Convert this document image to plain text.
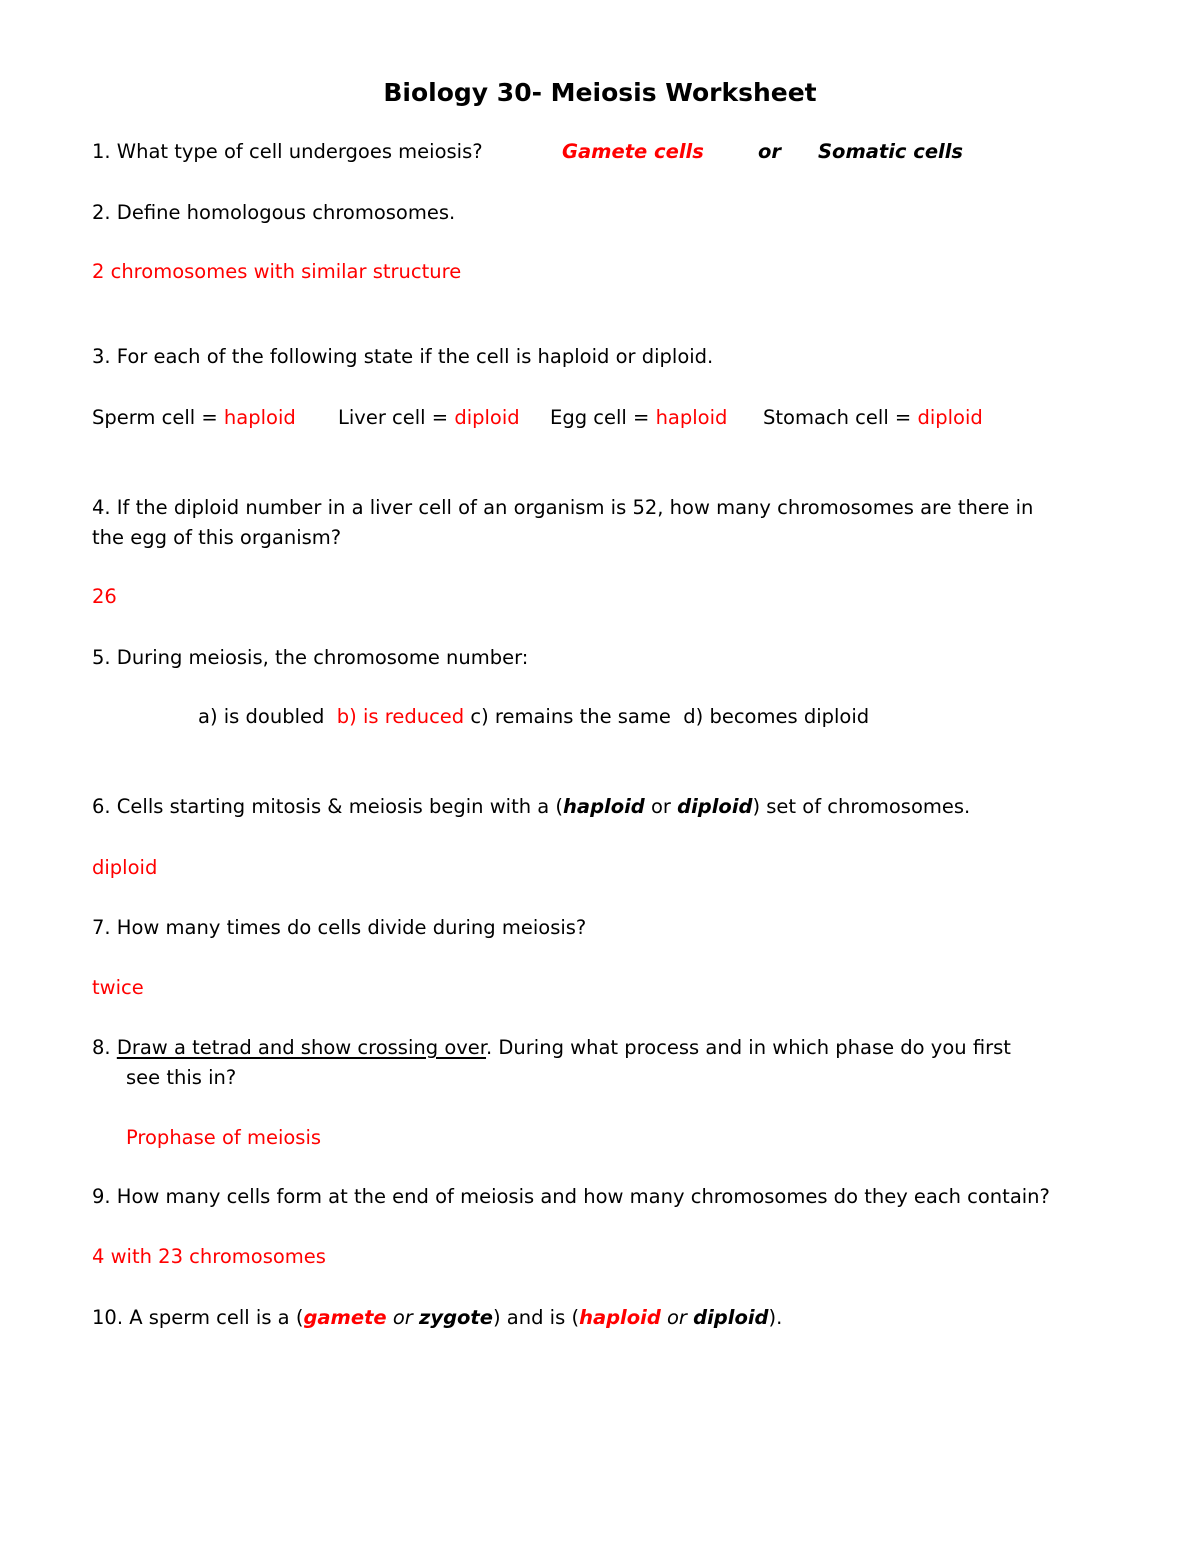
Biology 30- Meiosis Worksheet
1. What type of cell undergoes meiosis?	Gamete cells	or Somatic cells
2. Define homologous chromosomes.
2 chromosomes with similar structure
3. For each of the following state if the cell is haploid or diploid.
Sperm cell = haploid Liver cell = diploid Egg cell = haploid Stomach cell = diploid
4. If the diploid number in a liver cell of an organism is 52, how many chromosomes are there in
the egg of this organism?
26
5. During meiosis, the chromosome number:
a) is doubled b) is reduced c) remains the same d) becomes diploid
6. Cells starting mitosis & meiosis begin with a (haploid or diploid) set of chromosomes.
diploid
7. How many times do cells divide during meiosis?
twice
8. Draw a tetrad and show crossing over. During what process and in which phase do you first
see this in?
Prophase of meiosis
9. How many cells form at the end of meiosis and how many chromosomes do they each contain?
4 with 23 chromosomes
10. A sperm cell is a (gamete or zygote) and is (haploid or diploid).
